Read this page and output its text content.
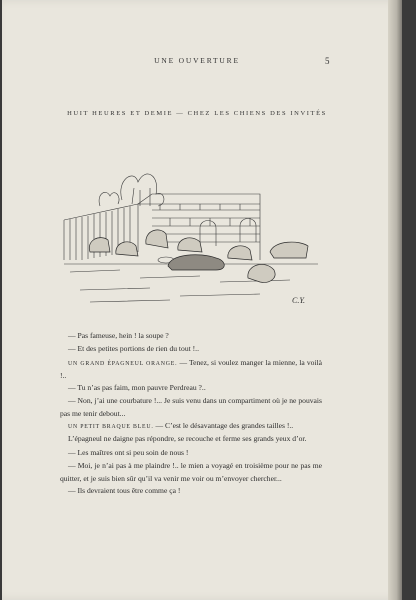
UNE OUVERTURE	5
HUIT HEURES ET DEMIE — CHEZ LES CHIENS DES INVITÉS
C.Y.

— Pas fameuse, hein ! la soupe ?

— Et des petites portions de rien du tout !..

UN GRAND ÉPAGNEUL ORANGE. — Tenez, si voulez manger la mienne, la voilà !..

— Tu n’as pas faim, mon pauvre Perdreau ?..

— Non, j’ai une courbature !... Je suis venu dans un compartiment où je ne pouvais pas me tenir debout...

UN PETIT BRAQUE BLEU. — C’est le désavantage des grandes tailles !..

L’épagneul ne daigne pas répondre, se recouche et ferme ses grands yeux d’or.

— Les maîtres ont si peu soin de nous !

— Moi, je n’ai pas à me plaindre !.. le mien a voyagé en troisième pour ne pas me quitter, et je suis bien sûr qu’il va venir me voir ou m’envoyer chercher...

— Ils devraient tous être comme ça !
